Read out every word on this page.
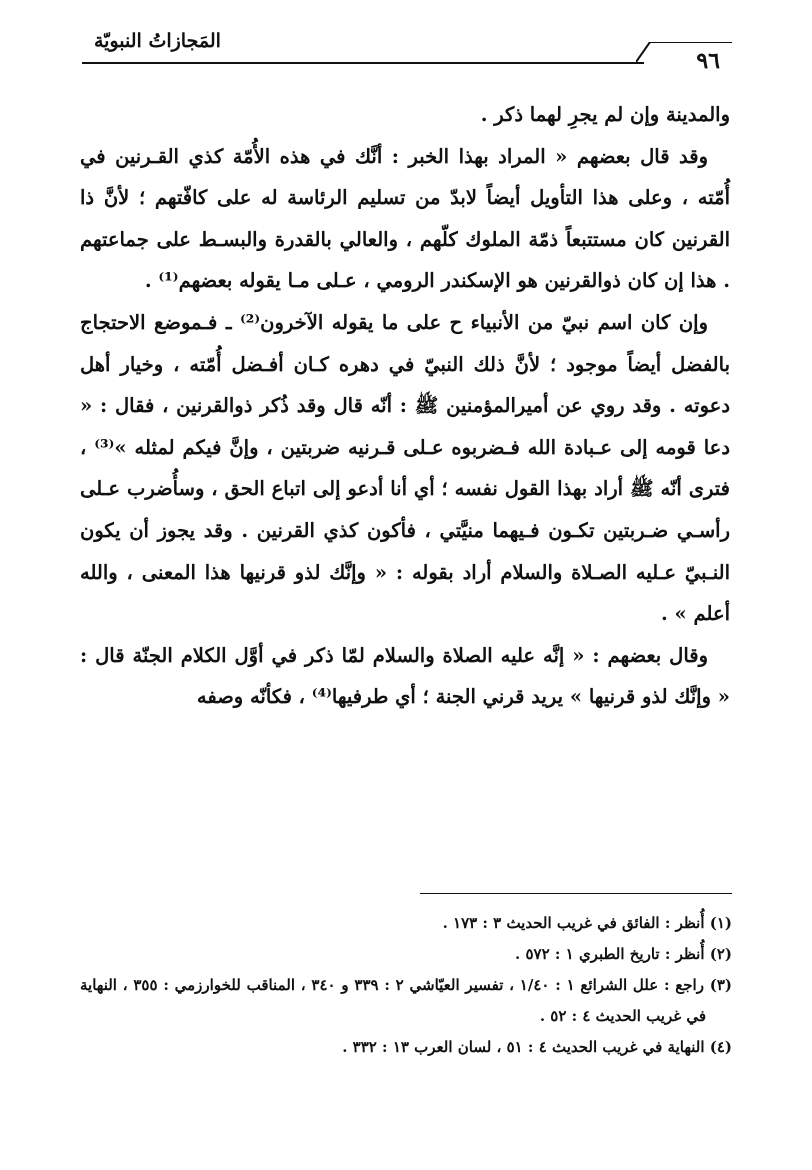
٩٦
المَجازاتُ النبويّة

والمدينة وإن لم يجرِ لهما ذكر .

وقد قال بعضهم « المراد بهذا الخبر : أنَّك في هذه الأُمّة كذي القـرنين في أُمّته ، وعلى هذا التأويل أيضاً لابدّ من تسليم الرئاسة له على كافّتهم ؛ لأنَّ ذا القرنين كان مستتبعاً ذمّة الملوك كلّهم ، والعالي بالقدرة والبسـط على جماعتهم . هذا إن كان ذوالقرنين هو الإسكندر الرومي ، عـلى مـا يقوله بعضهم⁽¹⁾ .

وإن كان اسم نبيّ من الأنبياء ح على ما يقوله الآخرون⁽²⁾ ـ فـموضع الاحتجاج بالفضل أيضاً موجود ؛ لأنَّ ذلك النبيّ في دهره كـان أفـضل أُمّته ، وخيار أهل دعوته . وقد روي عن أميرالمؤمنين ﷺ : أنّه قال وقد ذُكر ذوالقرنين ، فقال : « دعا قومه إلى عـبادة الله فـضربوه عـلى قـرنيه ضربتين ، وإنَّ فيكم لمثله »⁽³⁾ ، فترى أنّه ﷺ أراد بهذا القول نفسه ؛ أي أنا أدعو إلى اتباع الحق ، وسأُضرب عـلى رأسـي ضـربتين تكـون فـيهما منيَّتي ، فأكون كذي القرنين . وقد يجوز أن يكون النـبيّ عـليه الصـلاة والسلام أراد بقوله : « وإنَّك لذو قرنيها هذا المعنى ، والله أعلم » .

وقال بعضهم : « إنَّه عليه الصلاة والسلام لمّا ذكر في أوَّل الكلام الجنّة قال : « وإنَّك لذو قرنيها » يريد قرني الجنة ؛ أي طرفيها⁽⁴⁾ ، فكأنّه وصفه

(١) أُنظر : الفائق في غريب الحديث ٣ : ١٧٣ .

(٢) أُنظر : تاريخ الطبري ١ : ٥٧٢ .

(٣) راجع : علل الشرائع ١ : ١/٤٠ ، تفسير العيّاشي ٢ : ٣٣٩ و ٣٤٠ ، المناقب للخوارزمي : ٣٥٥ ، النهاية في غريب الحديث ٤ : ٥٢ .

(٤) النهاية في غريب الحديث ٤ : ٥١ ، لسان العرب ١٣ : ٣٣٢ .
